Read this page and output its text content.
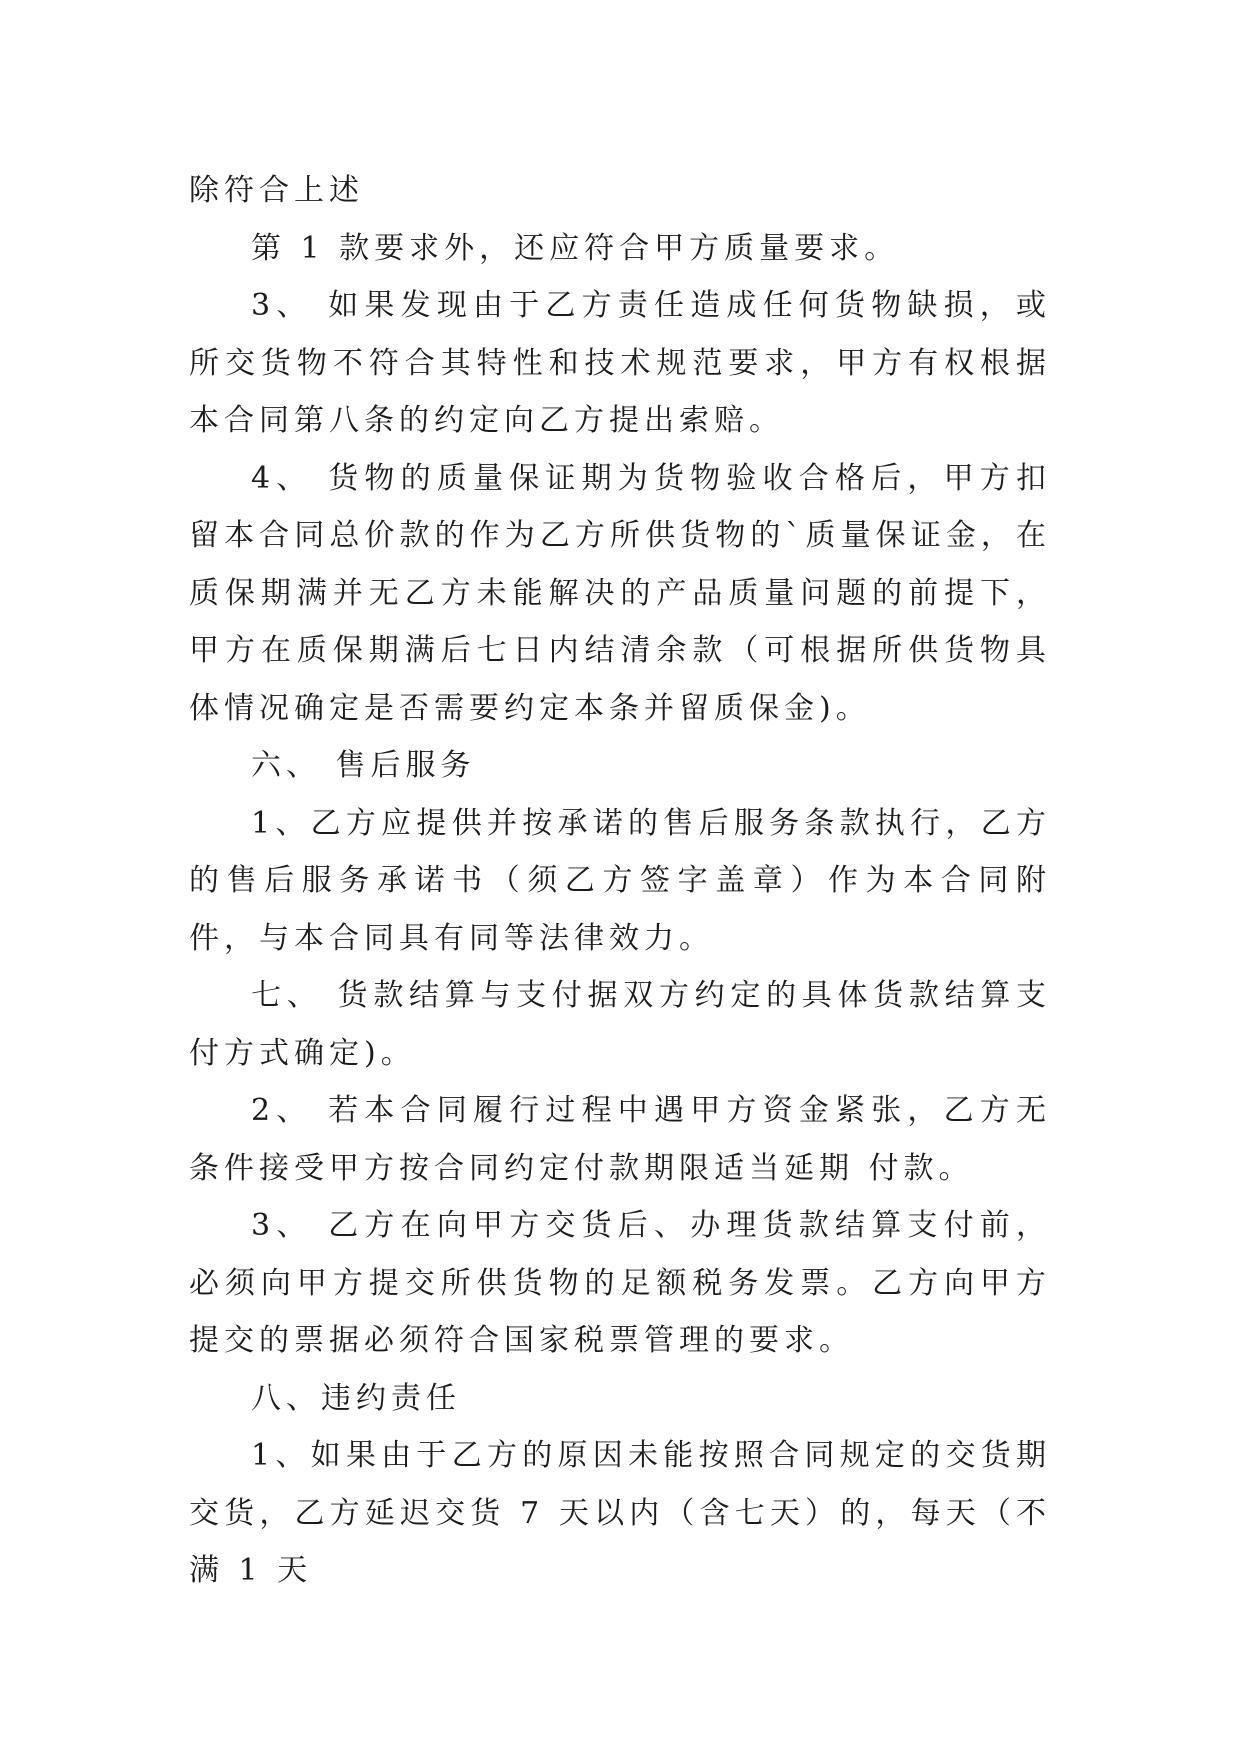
除符合上述

第 1 款要求外，还应符合甲方质量要求。

3、 如果发现由于乙方责任造成任何货物缺损，或所交货物不符合其特性和技术规范要求，甲方有权根据本合同第八条的约定向乙方提出索赔。

4、 货物的质量保证期为货物验收合格后，甲方扣留本合同总价款的作为乙方所供货物的`质量保证金，在质保期满并无乙方未能解决的产品质量问题的前提下，甲方在质保期满后七日内结清余款（可根据所供货物具体情况确定是否需要约定本条并留质保金)。

六、 售后服务

1、乙方应提供并按承诺的售后服务条款执行，乙方的售后服务承诺书（须乙方签字盖章）作为本合同附件，与本合同具有同等法律效力。

七、 货款结算与支付据双方约定的具体货款结算支付方式确定)。

2、 若本合同履行过程中遇甲方资金紧张，乙方无条件接受甲方按合同约定付款期限适当延期 付款。

3、 乙方在向甲方交货后、办理货款结算支付前，必须向甲方提交所供货物的足额税务发票。乙方向甲方提交的票据必须符合国家税票管理的要求。

八、违约责任

1、如果由于乙方的原因未能按照合同规定的交货期交货，乙方延迟交货 7 天以内（含七天）的，每天（不满 1 天
